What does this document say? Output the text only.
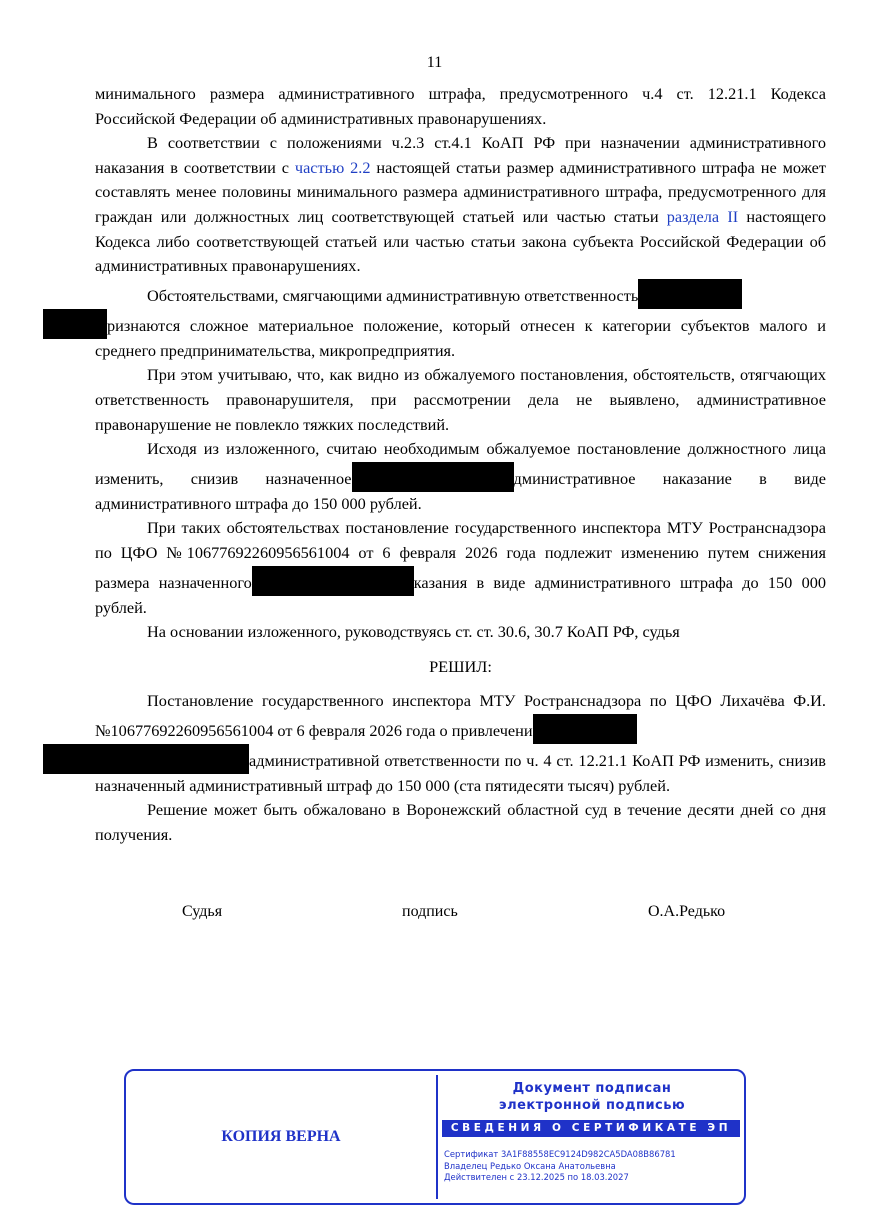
11

минимального размера административного штрафа, предусмотренного ч.4 ст. 12.21.1 Кодекса Российской Федерации об административных правонарушениях.

В соответствии с положениями ч.2.3 ст.4.1 КоАП РФ при назначении административного наказания в соответствии с частью 2.2 настоящей статьи размер административного штрафа не может составлять менее половины минимального размера административного штрафа, предусмотренного для граждан или должностных лиц соответствующей статьей или частью статьи раздела II настоящего Кодекса либо соответствующей статьей или частью статьи закона субъекта Российской Федерации об административных правонарушениях.

Обстоятельствами, смягчающими административную ответственность
ризнаются сложное материальное положение, который отнесен к категории субъектов малого и среднего предпринимательства, микропредприятия.

При этом учитываю, что, как видно из обжалуемого постановления, обстоятельств, отягчающих ответственность правонарушителя, при рассмотрении дела не выявлено, административное правонарушение не повлекло тяжких последствий.

Исходя из изложенного, считаю необходимым обжалуемое постановление должностного лица изменить, снизив назначенное	дминистративное наказание в виде административного штрафа до 150 000 рублей.

При таких обстоятельствах постановление государственного инспектора МТУ Ространснадзора по ЦФО №10677692260956561004 от 6 февраля 2026 года подлежит изменению путем снижения размера назначенного	казания в виде административного штрафа до 150 000 рублей.

На основании изложенного, руководствуясь ст. ст. 30.6, 30.7 КоАП РФ, судья

РЕШИЛ:

Постановление государственного инспектора МТУ Ространснадзора по ЦФО Лихачёва Ф.И. №10677692260956561004 от 6 февраля 2026 года о привлечени
административной ответственности по ч. 4 ст. 12.21.1 КоАП РФ изменить, снизив назначенный административный штраф до 150 000 (ста пятидесяти тысяч) рублей.

Решение может быть обжаловано в Воронежский областной суд в течение десяти дней со дня получения.

Судья	подпись	О.А.Редько
КОПИЯ ВЕРНА
Документ подписан
электронной подписью
СВЕДЕНИЯ О СЕРТИФИКАТЕ ЭП
Сертификат 3A1F88558EC9124D982CA5DA08B86781
Владелец Редько Оксана Анатольевна
Действителен с 23.12.2025 по 18.03.2027
